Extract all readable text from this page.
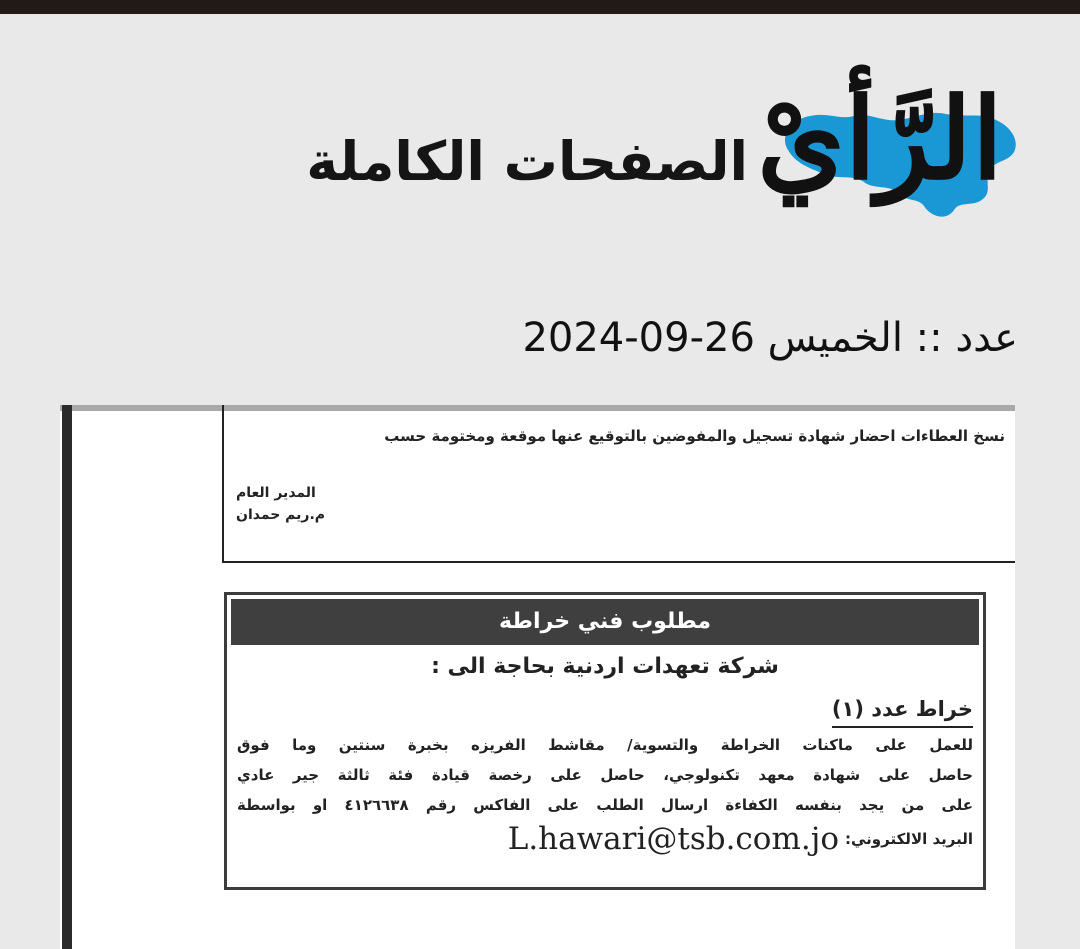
الرَّأيْ
الصفحات الكاملة
عدد :: الخميس 2024-09-26
نسخ العطاءات احضار شهادة تسجيل والمفوضين بالتوقيع عنها موقعة ومختومة حسب
المدير العام
م.ريم حمدان
مطلوب فني خراطة
شركة تعهدات اردنية بحاجة الى :
خراط عدد (١)
للعمل على ماكنات الخراطة والتسوية/ مقاشط الفريزه بخبرة سنتين وما فوق
حاصل على شهادة معهد تكنولوجي، حاصل على رخصة قيادة فئة ثالثة جير عادي
على من يجد بنفسه الكفاءة ارسال الطلب على الفاكس رقم ٤١٢٦٦٣٨ او بواسطة
البريد الالكتروني:L.hawari@tsb.com.jo
